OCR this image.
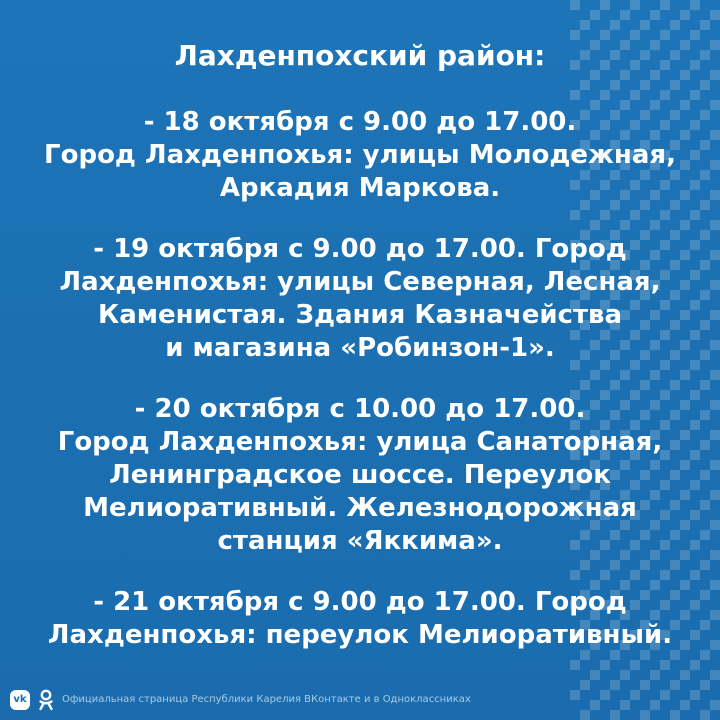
Лахденпохский район:
- 18 октября с 9.00 до 17.00.
Город Лахденпохья: улицы Молодежная,
Аркадия Маркова.
- 19 октября с 9.00 до 17.00. Город
Лахденпохья: улицы Северная, Лесная,
Каменистая. Здания Казначейства
и магазина «Робинзон-1».
- 20 октября с 10.00 до 17.00.
Город Лахденпохья: улица Санаторная,
Ленинградское шоссе. Переулок
Мелиоративный. Железнодорожная
станция «Яккима».
- 21 октября с 9.00 до 17.00. Город
Лахденпохья: переулок Мелиоративный.
vk	Официальная страница Республики Карелия ВКонтакте и в Одноклассниках
